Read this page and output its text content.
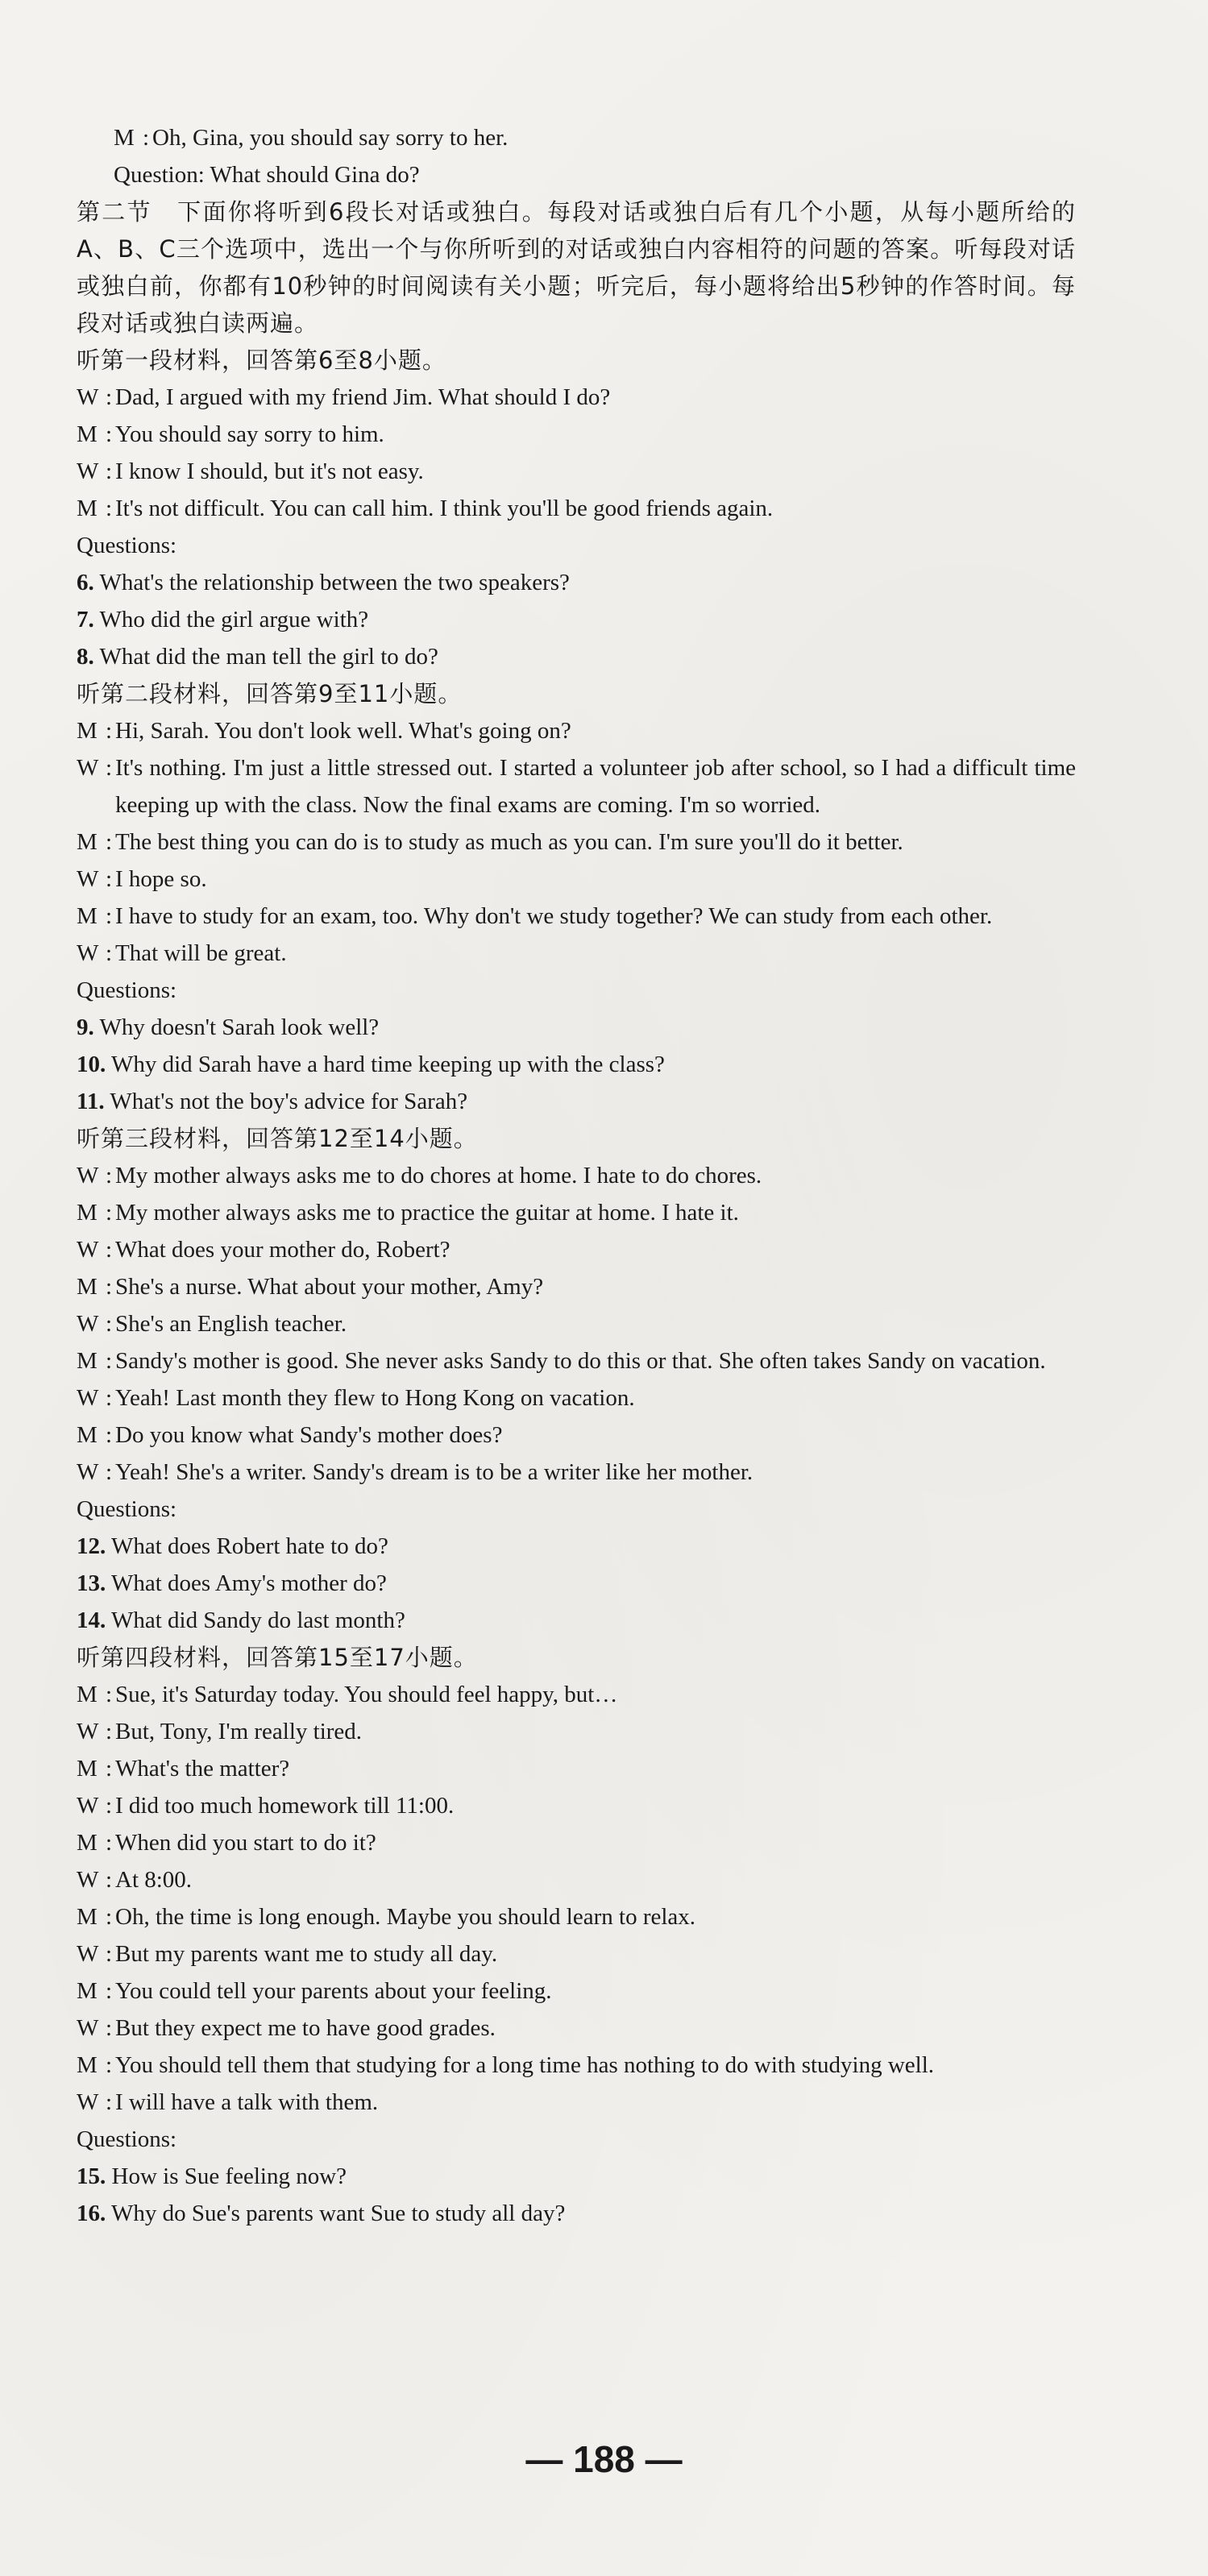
M : Oh, Gina, you should say sorry to her.
Question: What should Gina do?
第二节　下面你将听到6段长对话或独白。每段对话或独白后有几个小题，从每小题所给的A、B、C三个选项中，选出一个与你所听到的对话或独白内容相符的问题的答案。听每段对话或独白前，你都有10秒钟的时间阅读有关小题；听完后，每小题将给出5秒钟的作答时间。每段对话或独白读两遍。
听第一段材料，回答第6至8小题。
W : Dad, I argued with my friend Jim. What should I do?
M : You should say sorry to him.
W : I know I should, but it's not easy.
M : It's not difficult. You can call him. I think you'll be good friends again.
Questions:
6. What's the relationship between the two speakers?
7. Who did the girl argue with?
8. What did the man tell the girl to do?
听第二段材料，回答第9至11小题。
M : Hi, Sarah. You don't look well. What's going on?
W : It's nothing. I'm just a little stressed out. I started a volunteer job after school, so I had a difficult time keeping up with the class. Now the final exams are coming. I'm so worried.
M : The best thing you can do is to study as much as you can. I'm sure you'll do it better.
W : I hope so.
M : I have to study for an exam, too. Why don't we study together? We can study from each other.
W : That will be great.
Questions:
9. Why doesn't Sarah look well?
10. Why did Sarah have a hard time keeping up with the class?
11. What's not the boy's advice for Sarah?
听第三段材料，回答第12至14小题。
W : My mother always asks me to do chores at home. I hate to do chores.
M : My mother always asks me to practice the guitar at home. I hate it.
W : What does your mother do, Robert?
M : She's a nurse. What about your mother, Amy?
W : She's an English teacher.
M : Sandy's mother is good. She never asks Sandy to do this or that. She often takes Sandy on vacation.
W : Yeah! Last month they flew to Hong Kong on vacation.
M : Do you know what Sandy's mother does?
W : Yeah! She's a writer. Sandy's dream is to be a writer like her mother.
Questions:
12. What does Robert hate to do?
13. What does Amy's mother do?
14. What did Sandy do last month?
听第四段材料，回答第15至17小题。
M : Sue, it's Saturday today. You should feel happy, but…
W : But, Tony, I'm really tired.
M : What's the matter?
W : I did too much homework till 11:00.
M : When did you start to do it?
W : At 8:00.
M : Oh, the time is long enough. Maybe you should learn to relax.
W : But my parents want me to study all day.
M : You could tell your parents about your feeling.
W : But they expect me to have good grades.
M : You should tell them that studying for a long time has nothing to do with studying well.
W : I will have a talk with them.
Questions:
15. How is Sue feeling now?
16. Why do Sue's parents want Sue to study all day?
— 188 —
